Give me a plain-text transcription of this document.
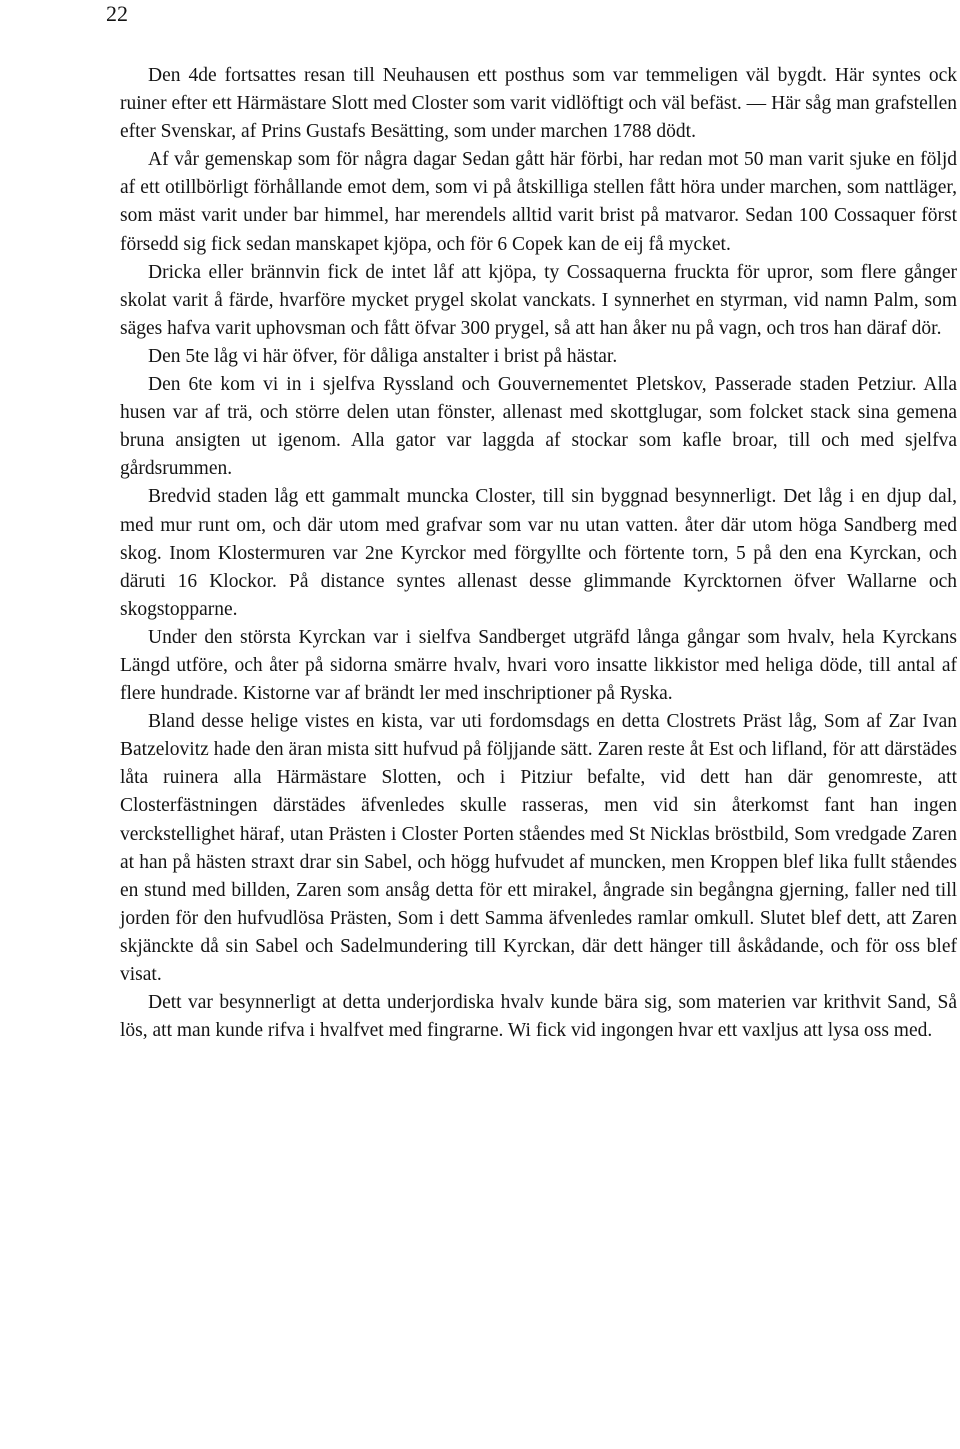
22

Den 4de fortsattes resan till Neuhausen ett posthus som var temmeligen väl bygdt. Här syntes ock ruiner efter ett Härmästare Slott med Closter som varit vidlöftigt och väl befäst. — Här såg man grafstellen efter Svenskar, af Prins Gustafs Besätting, som under marchen 1788 dödt.

Af vår gemenskap som för några dagar Sedan gått här förbi, har redan mot 50 man varit sjuke en följd af ett otillbörligt förhållande emot dem, som vi på åtskilliga stellen fått höra under marchen, som nattläger, som mäst varit under bar himmel, har merendels alltid varit brist på matvaror. Sedan 100 Cossaquer först försedd sig fick sedan manskapet kjöpa, och för 6 Copek kan de eij få mycket.

Dricka eller brännvin fick de intet låf att kjöpa, ty Cossaquerna fruckta för upror, som flere gånger skolat varit å färde, hvarföre mycket prygel skolat vanckats. I synnerhet en styrman, vid namn Palm, som säges hafva varit uphovsman och fått öfvar 300 prygel, så att han åker nu på vagn, och tros han däraf dör.

Den 5te låg vi här öfver, för dåliga anstalter i brist på hästar.

Den 6te kom vi in i sjelfva Ryssland och Gouvernementet Pletskov, Passerade staden Petziur. Alla husen var af trä, och större delen utan fönster, allenast med skottglugar, som folcket stack sina gemena bruna ansigten ut igenom. Alla gator var laggda af stockar som kafle broar, till och med sjelfva gårdsrummen.

Bredvid staden låg ett gammalt muncka Closter, till sin byggnad besynnerligt. Det låg i en djup dal, med mur runt om, och där utom med grafvar som var nu utan vatten. åter där utom höga Sandberg med skog. Inom Klostermuren var 2ne Kyrckor med förgyllte och förtente torn, 5 på den ena Kyrckan, och däruti 16 Klockor. På distance syntes allenast desse glimmande Kyrcktornen öfver Wallarne och skogstopparne.

Under den största Kyrckan var i sielfva Sandberget utgräfd långa gångar som hvalv, hela Kyrckans Längd utföre, och åter på sidorna smärre hvalv, hvari voro insatte likkistor med heliga döde, till antal af flere hundrade. Kistorne var af brändt ler med inschriptioner på Ryska.

Bland desse helige vistes en kista, var uti fordomsdags en detta Clostrets Präst låg, Som af Zar Ivan Batzelovitz hade den äran mista sitt hufvud på följjande sätt. Zaren reste åt Est och lifland, för att därstädes låta ruinera alla Härmästare Slotten, och i Pitziur befalte, vid dett han där genomreste, att Closterfästningen därstädes äfvenledes skulle rasseras, men vid sin återkomst fant han ingen verckstellighet häraf, utan Prästen i Closter Porten ståendes med St Nicklas bröstbild, Som vredgade Zaren at han på hästen straxt drar sin Sabel, och högg hufvudet af muncken, men Kroppen blef lika fullt ståendes en stund med billden, Zaren som ansåg detta för ett mirakel, ångrade sin begångna gjerning, faller ned till jorden för den hufvudlösa Prästen, Som i dett Samma äfvenledes ramlar omkull. Slutet blef dett, att Zaren skjänckte då sin Sabel och Sadelmundering till Kyrckan, där dett hänger till åskådande, och för oss blef visat.

Dett var besynnerligt at detta underjordiska hvalv kunde bära sig, som materien var krithvit Sand, Så lös, att man kunde rifva i hvalfvet med fingrarne. Wi fick vid ingongen hvar ett vaxljus att lysa oss med.
